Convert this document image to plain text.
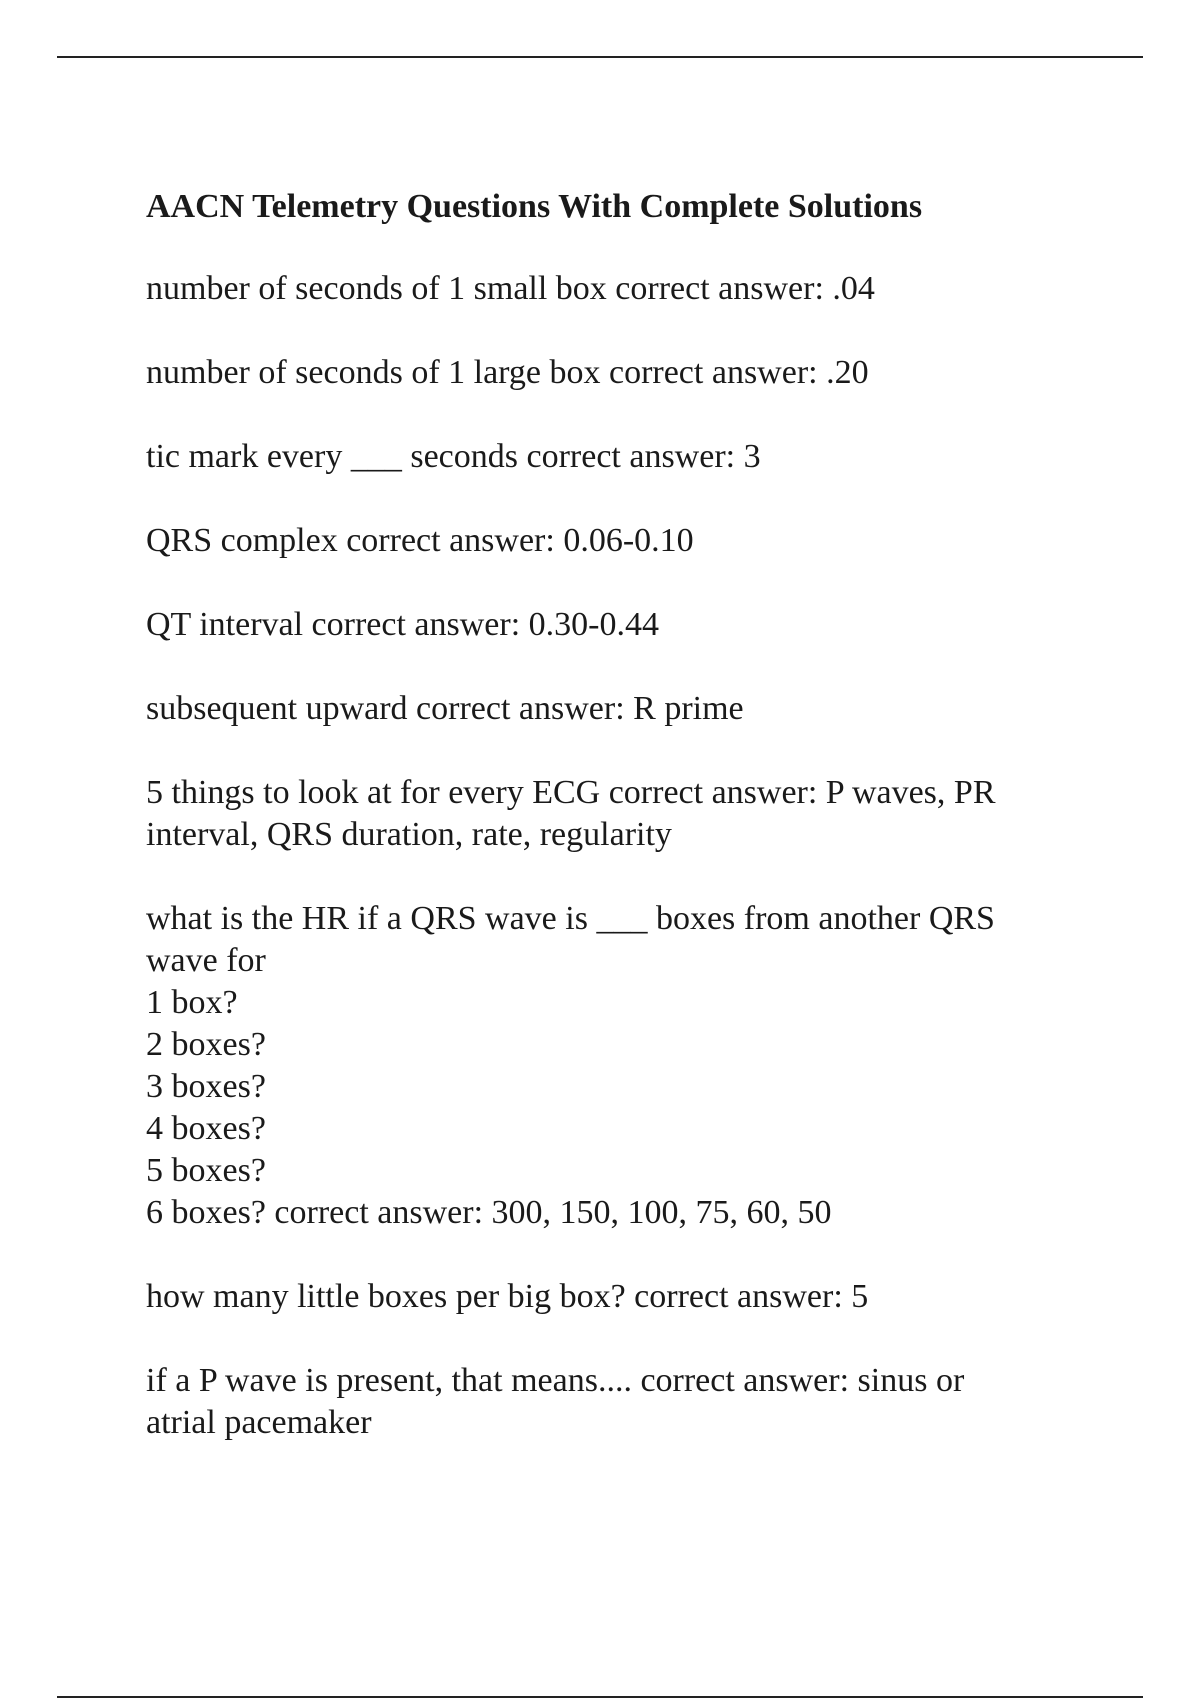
AACN Telemetry Questions With Complete Solutions
number of seconds of 1 small box correct answer: .04
number of seconds of 1 large box correct answer: .20
tic mark every ___ seconds correct answer: 3
QRS complex correct answer: 0.06-0.10
QT interval correct answer: 0.30-0.44
subsequent upward correct answer: R prime
5 things to look at for every ECG correct answer: P waves, PR
interval, QRS duration, rate, regularity
what is the HR if a QRS wave is ___ boxes from another QRS
wave for
1 box?
2 boxes?
3 boxes?
4 boxes?
5 boxes?
6 boxes? correct answer: 300, 150, 100, 75, 60, 50
how many little boxes per big box? correct answer: 5
if a P wave is present, that means.... correct answer: sinus or
atrial pacemaker
